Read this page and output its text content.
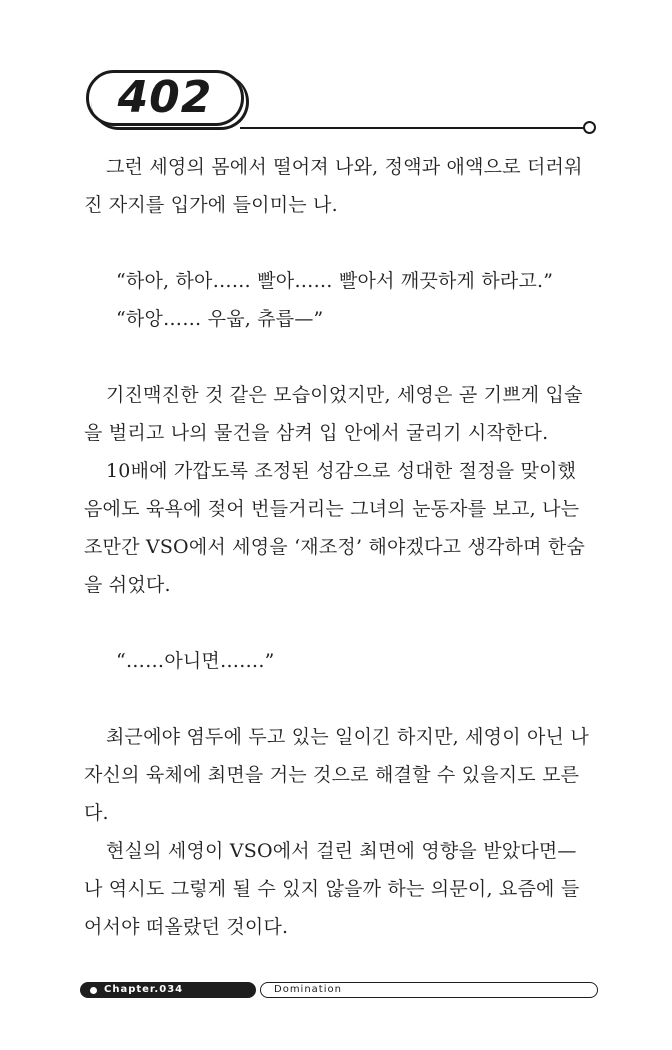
402

그런 세영의 몸에서 떨어져 나와, 정액과 애액으로 더러워진 자지를 입가에 들이미는 나.

“하아, 하아…… 빨아…… 빨아서 깨끗하게 하라고.”

“하앙…… 우웁, 츄릅—”

기진맥진한 것 같은 모습이었지만, 세영은 곧 기쁘게 입술을 벌리고 나의 물건을 삼켜 입 안에서 굴리기 시작한다.

10배에 가깝도록 조정된 성감으로 성대한 절정을 맞이했음에도 육욕에 젖어 번들거리는 그녀의 눈동자를 보고, 나는 조만간 VSO에서 세영을 ‘재조정’ 해야겠다고 생각하며 한숨을 쉬었다.

“……아니면…….”

최근에야 염두에 두고 있는 일이긴 하지만, 세영이 아닌 나 자신의 육체에 최면을 거는 것으로 해결할 수 있을지도 모른다.

현실의 세영이 VSO에서 걸린 최면에 영향을 받았다면—나 역시도 그렇게 될 수 있지 않을까 하는 의문이, 요즘에 들어서야 떠올랐던 것이다.

Chapter.034	Domination
